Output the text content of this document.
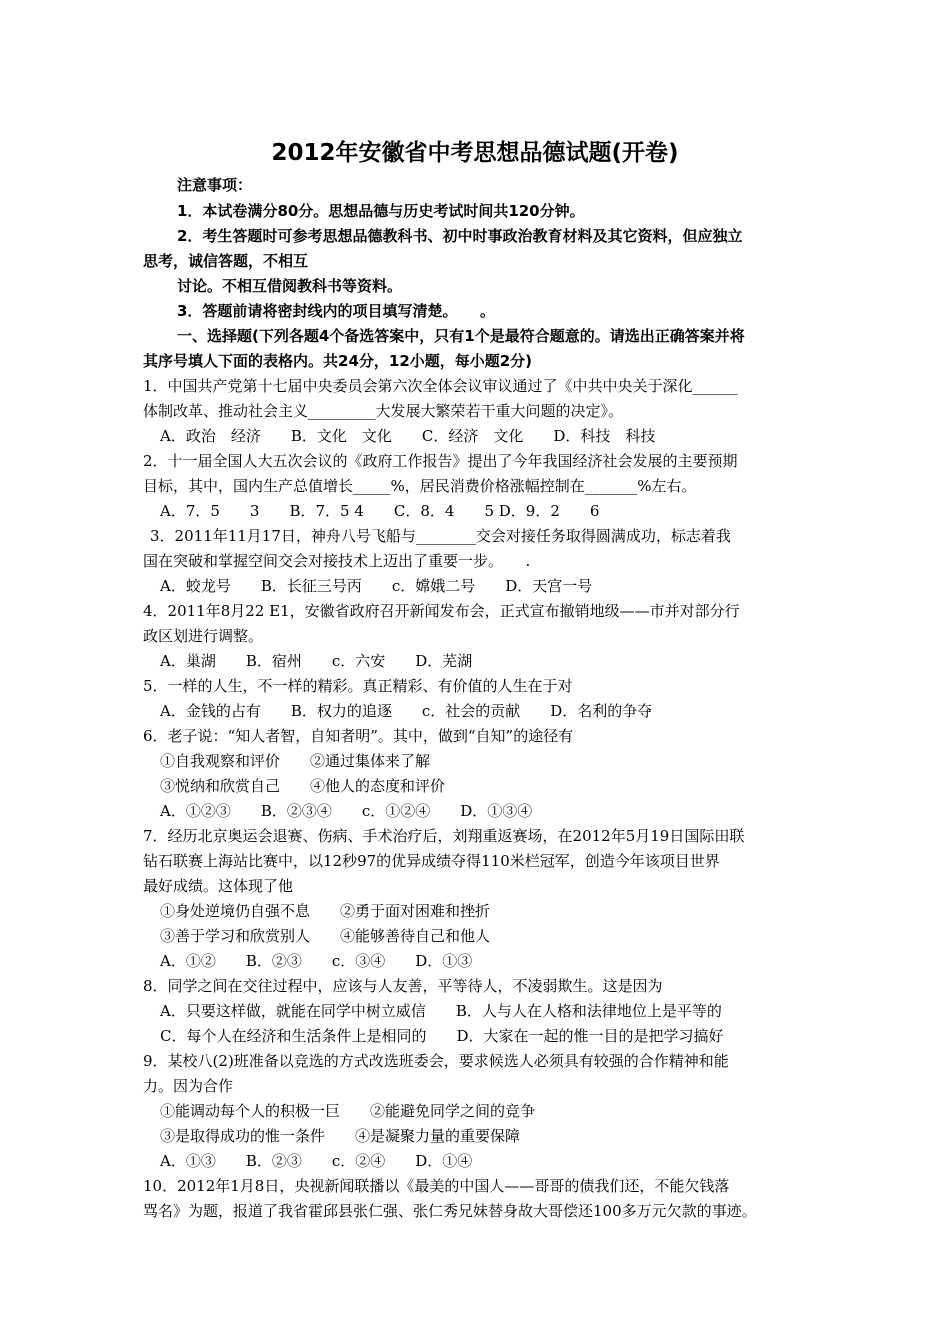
2012年安徽省中考思想品德试题(开卷)
注意事项：
1．本试卷满分80分。思想品德与历史考试时间共120分钟。
2．考生答题时可参考思想品德教科书、初中时事政治教育材料及其它资料，但应独立
思考，诚信答题，不相互
讨论。不相互借阅教科书等资料。
3．答题前请将密封线内的项目填写清楚。　　。
一、选择题(下列各题4个备选答案中，只有1个是最符合题意的。请选出正确答案并将
其序号填人下面的表格内。共24分，12小题，每小题2分)
1．中国共产党第十七届中央委员会第六次全体会议审议通过了《中共中央关于深化______
体制改革、推动社会主义_________大发展大繁荣若干重大问题的决定》。
A．政治　经济　　B．文化　文化　　C．经济　文化　　D．科技　科技
2．十一届全国人大五次会议的《政府工作报告》提出了今年我国经济社会发展的主要预期
目标，其中，国内生产总值增长_____%，居民消费价格涨幅控制在_______%左右。
A．7．5　　3　　B．7．5 4　　C．8．4　　5 D．9．2　　6
3．2011年11月17日，神舟八号飞船与________交会对接任务取得圆满成功，标志着我
国在突破和掌握空间交会对接技术上迈出了重要一步。　　.
A．蛟龙号　　B．长征三号丙　　c．嫦娥二号　　D．天宫一号
4．2011年8月22 E1，安徽省政府召开新闻发布会，正式宣布撤销地级——市并对部分行
政区划进行调整。
A．巢湖　　B．宿州　　c．六安　　D．芜湖
5．一样的人生，不一样的精彩。真正精彩、有价值的人生在于对
A．金钱的占有　　B．权力的追逐　　c．社会的贡献　　D．名利的争夺
6．老子说：“知人者智，自知者明”。其中，做到“自知”的途径有
①自我观察和评价　　②通过集体来了解
③悦纳和欣赏自己　　④他人的态度和评价
A．①②③　　B．②③④　　c．①②④　　D．①③④
7．经历北京奥运会退赛、伤病、手术治疗后，刘翔重返赛场，在2012年5月19日国际田联
钻石联赛上海站比赛中，以12秒97的优异成绩夺得110米栏冠军，创造今年该项目世界
最好成绩。这体现了他
①身处逆境仍自强不息　　②勇于面对困难和挫折
③善于学习和欣赏别人　　④能够善待自己和他人
A．①②　　B．②③　　c．③④　　D．①③
8．同学之间在交往过程中，应该与人友善，平等待人，不凌弱欺生。这是因为
A．只要这样做，就能在同学中树立威信　　B．人与人在人格和法律地位上是平等的
C．每个人在经济和生活条件上是相同的　　D．大家在一起的惟一目的是把学习搞好
9．某校八(2)班准备以竞选的方式改选班委会，要求候选人必须具有较强的合作精神和能
力。因为合作
①能调动每个人的积极一巨　　②能避免同学之间的竞争
③是取得成功的惟一条件　　④是凝聚力量的重要保障
A．①③　　B．②③　　c．②④　　D．①④
10．2012年1月8日，央视新闻联播以《最美的中国人——哥哥的债我们还，不能欠钱落
骂名》为题，报道了我省霍邱县张仁强、张仁秀兄妹替身故大哥偿还100多万元欠款的事迹。
